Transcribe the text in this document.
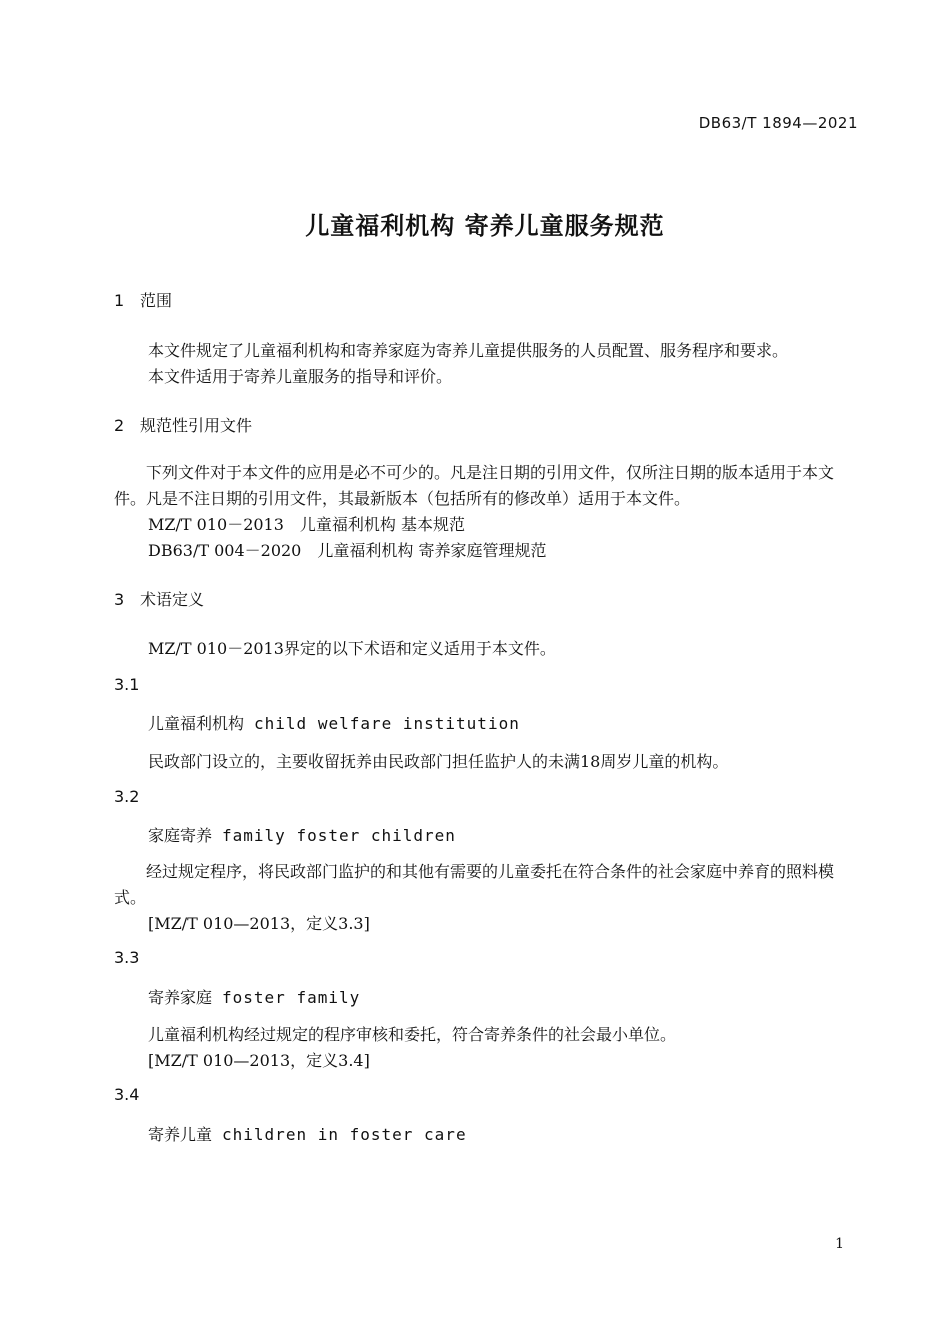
DB63/T 1894—2021
儿童福利机构 寄养儿童服务规范
1 范围
本文件规定了儿童福利机构和寄养家庭为寄养儿童提供服务的人员配置、服务程序和要求。
本文件适用于寄养儿童服务的指导和评价。
2 规范性引用文件
下列文件对于本文件的应用是必不可少的。凡是注日期的引用文件，仅所注日期的版本适用于本文件。凡是不注日期的引用文件，其最新版本（包括所有的修改单）适用于本文件。
MZ/T 010－2013　儿童福利机构 基本规范
DB63/T 004－2020　儿童福利机构 寄养家庭管理规范
3 术语定义
MZ/T 010－2013界定的以下术语和定义适用于本文件。
3.1
儿童福利机构 child welfare institution
民政部门设立的，主要收留抚养由民政部门担任监护人的未满18周岁儿童的机构。
3.2
家庭寄养 family foster children
经过规定程序，将民政部门监护的和其他有需要的儿童委托在符合条件的社会家庭中养育的照料模式。
[MZ/T 010—2013，定义3.3]
3.3
寄养家庭 foster family
儿童福利机构经过规定的程序审核和委托，符合寄养条件的社会最小单位。
[MZ/T 010—2013，定义3.4]
3.4
寄养儿童 children in foster care
1
